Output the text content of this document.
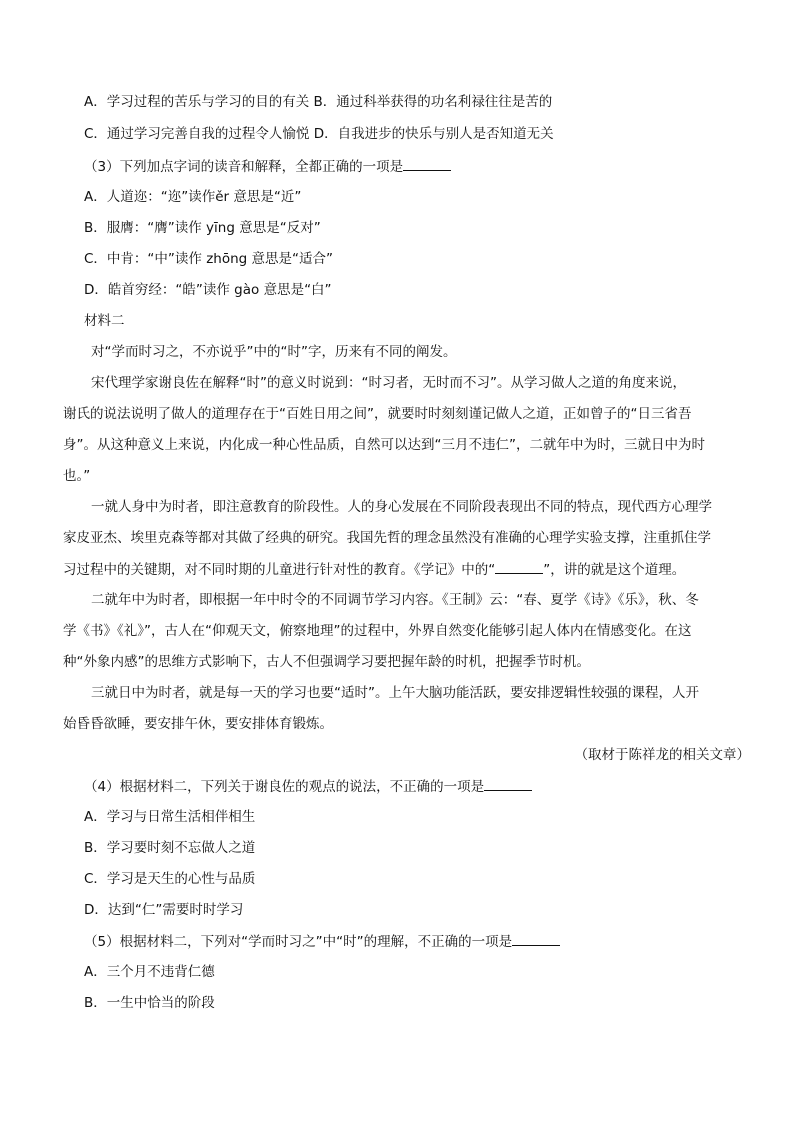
A．学习过程的苦乐与学习的目的有关 B．通过科举获得的功名利禄往往是苦的
C．通过学习完善自我的过程令人愉悦 D．自我进步的快乐与别人是否知道无关
（3）下列加点字词的读音和解释，全都正确的一项是
A．人道迩：“迩”读作ěr 意思是“近”
B．服膺：“膺”读作 yīng 意思是“反对”
C．中肯：“中”读作 zhōng 意思是“适合”
D．皓首穷经：“皓”读作 gào 意思是“白”
材料二
对“学而时习之，不亦说乎”中的“时”字，历来有不同的阐发。
宋代理学家谢良佐在解释“时”的意义时说到：“时习者，无时而不习”。从学习做人之道的角度来说，
谢氏的说法说明了做人的道理存在于“百姓日用之间”，就要时时刻刻谨记做人之道，正如曾子的“日三省吾
身”。从这种意义上来说，内化成一种心性品质，自然可以达到“三月不违仁”，二就年中为时，三就日中为时
也。”
一就人身中为时者，即注意教育的阶段性。人的身心发展在不同阶段表现出不同的特点，现代西方心理学
家皮亚杰、埃里克森等都对其做了经典的研究。我国先哲的理念虽然没有准确的心理学实验支撑，注重抓住学
习过程中的关键期，对不同时期的儿童进行针对性的教育。《学记》中的“	”，讲的就是这个道理。
二就年中为时者，即根据一年中时令的不同调节学习内容。《王制》云：“春、夏学《诗》《乐》，秋、冬
学《书》《礼》”，古人在“仰观天文，俯察地理”的过程中，外界自然变化能够引起人体内在情感变化。在这
种“外象内感”的思维方式影响下，古人不但强调学习要把握年龄的时机，把握季节时机。
三就日中为时者，就是每一天的学习也要“适时”。上午大脑功能活跃，要安排逻辑性较强的课程，人开
始昏昏欲睡，要安排午休，要安排体育锻炼。
（取材于陈祥龙的相关文章）
（4）根据材料二，下列关于谢良佐的观点的说法，不正确的一项是
A．学习与日常生活相伴相生
B．学习要时刻不忘做人之道
C．学习是天生的心性与品质
D．达到“仁”需要时时学习
（5）根据材料二，下列对“学而时习之”中“时”的理解，不正确的一项是
A．三个月不违背仁德
B．一生中恰当的阶段
